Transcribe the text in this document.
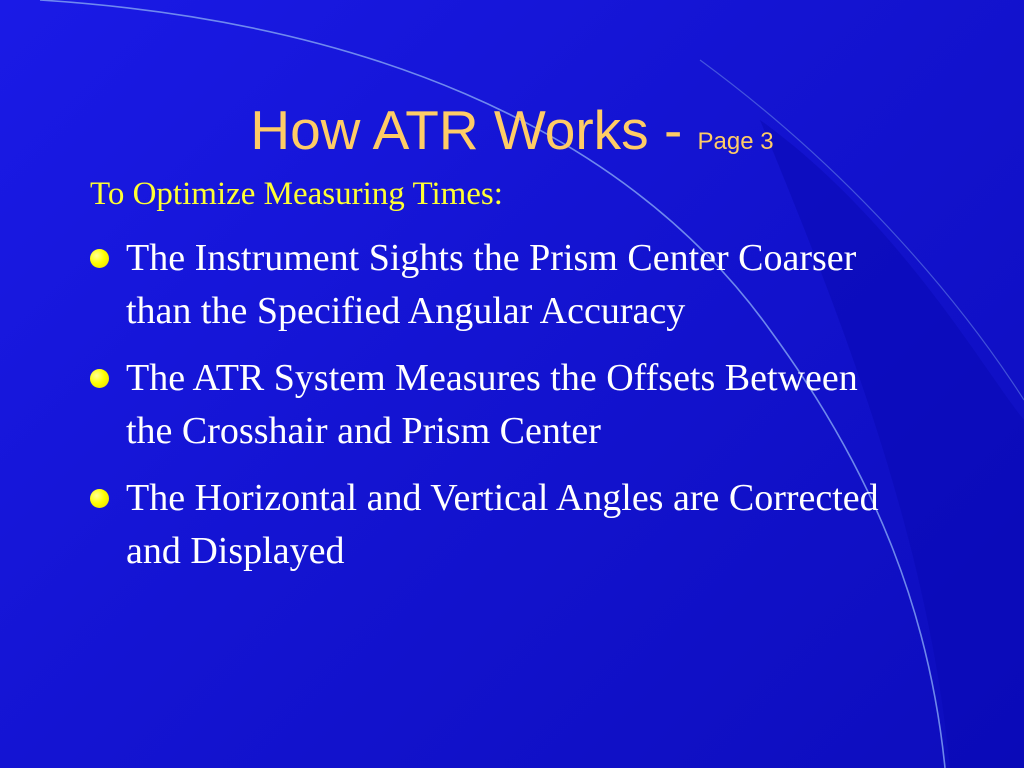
How ATR Works - Page 3
To Optimize Measuring Times:
The Instrument Sights the Prism Center Coarser than the Specified Angular Accuracy
The ATR System Measures the Offsets Between the Crosshair and Prism Center
The Horizontal and Vertical Angles are Corrected and Displayed
